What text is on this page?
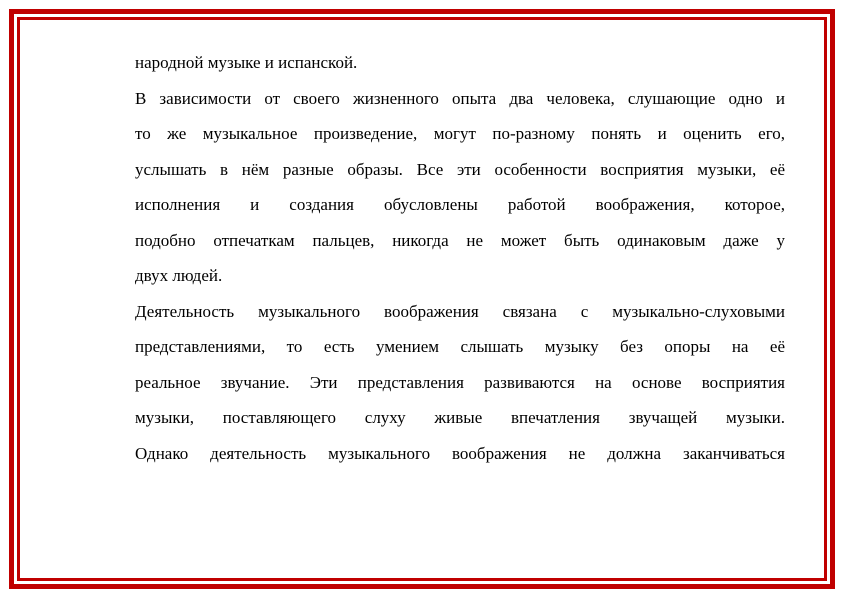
народной музыке и испанской.

В зависимости от своего жизненного опыта два человека, слушающие одно и
то же музыкальное произведение, могут по-разному понять и оценить его,
услышать в нём разные образы. Все эти особенности восприятия музыки, её
исполнения и создания обусловлены работой воображения, которое,
подобно отпечаткам пальцев, никогда не может быть одинаковым даже у
двух людей.

Деятельность музыкального воображения связана с музыкально-слуховыми
представлениями, то есть умением слышать музыку без опоры на её
реальное звучание. Эти представления развиваются на основе восприятия
музыки, поставляющего слуху живые впечатления звучащей музыки.
Однако деятельность музыкального воображения не должна заканчиваться
